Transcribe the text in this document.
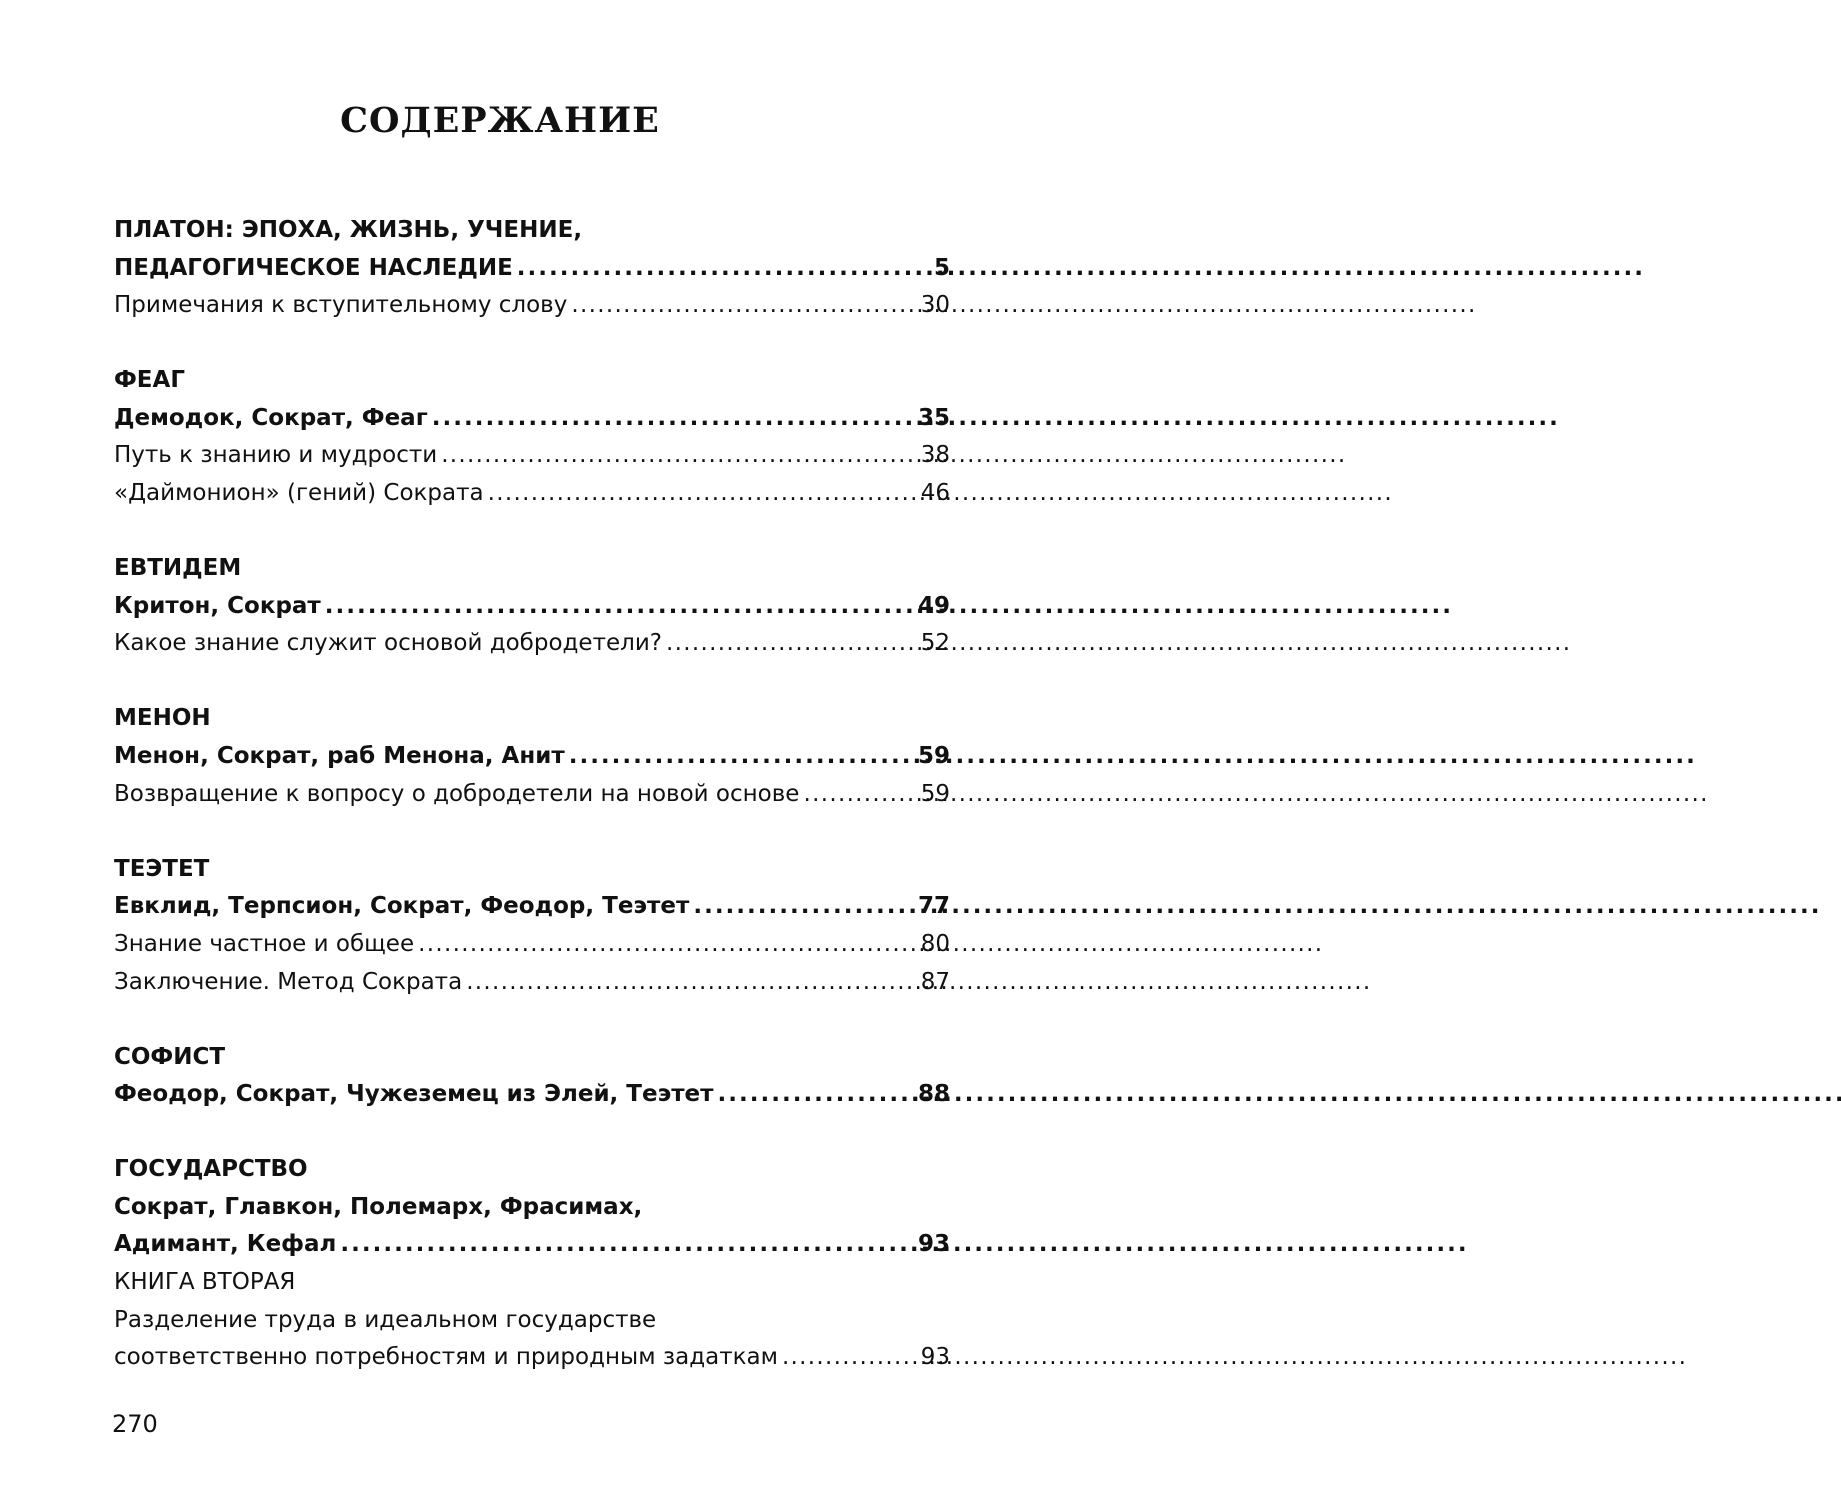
СОДЕРЖАНИЕ
ПЛАТОН: ЭПОХА, ЖИЗНЬ, УЧЕНИЕ,
ПЕДАГОГИЧЕСКОЕ НАСЛЕДИЕ . . .	5
Примечания к вступительному слову . . .	30
ФЕАГ
Демодок, Сократ, Феаг . . .	35
Путь к знанию и мудрости . . .	38
«Даймонион» (гений) Сократа . . .	46
ЕВТИДЕМ
Критон, Сократ . . .	49
Какое знание служит основой добродетели? . . .	52
МЕНОН
Менон, Сократ, раб Менона, Анит . . .	59
Возвращение к вопросу о добродетели на новой основе . . .	59
ТЕЭТЕТ
Евклид, Терпсион, Сократ, Феодор, Теэтет . . .	77
Знание частное и общее . . .	80
Заключение. Метод Сократа . . .	87
СОФИСТ
Феодор, Сократ, Чужеземец из Элей, Теэтет . . .	88
ГОСУДАРСТВО
Сократ, Главкон, Полемарх, Фрасимах,
Адимант, Кефал . . .	93
КНИГА ВТОРАЯ
Разделение труда в идеальном государстве
соответственно потребностям и природным задаткам . . .	93
270
